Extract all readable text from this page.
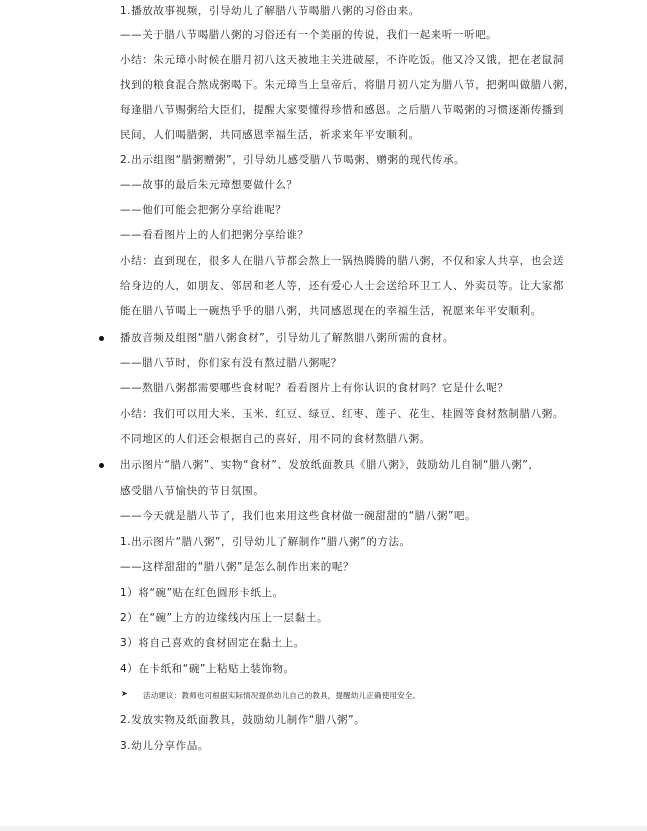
1.播放故事视频，引导幼儿了解腊八节喝腊八粥的习俗由来。
——关于腊八节喝腊八粥的习俗还有一个美丽的传说，我们一起来听一听吧。
小结：朱元璋小时候在腊月初八这天被地主关进破屋，不许吃饭。他又冷又饿，把在老鼠洞
找到的粮食混合熬成粥喝下。朱元璋当上皇帝后，将腊月初八定为腊八节，把粥叫做腊八粥，
每逢腊八节赐粥给大臣们，提醒大家要懂得珍惜和感恩。之后腊八节喝粥的习惯逐渐传播到
民间，人们喝腊粥，共同感恩幸福生活，祈求来年平安顺利。
2.出示组图“腊粥赠粥”，引导幼儿感受腊八节喝粥、赠粥的现代传承。
——故事的最后朱元璋想要做什么？
——他们可能会把粥分享给谁呢？
——看看图片上的人们把粥分享给谁？
小结：直到现在，很多人在腊八节都会熬上一锅热腾腾的腊八粥，不仅和家人共享，也会送
给身边的人，如朋友、邻居和老人等，还有爱心人士会送给环卫工人、外卖员等。让大家都
能在腊八节喝上一碗热乎乎的腊八粥，共同感恩现在的幸福生活，祝愿来年平安顺利。
播放音频及组图“腊八粥食材”，引导幼儿了解熬腊八粥所需的食材。
——腊八节时，你们家有没有熬过腊八粥呢？
——熬腊八粥都需要哪些食材呢？看看图片上有你认识的食材吗？它是什么呢？
小结：我们可以用大米、玉米、红豆、绿豆、红枣、莲子、花生、桂圆等食材熬制腊八粥。
不同地区的人们还会根据自己的喜好，用不同的食材熬腊八粥。
出示图片“腊八粥”、实物“食材”、发放纸面教具《腊八粥》，鼓励幼儿自制“腊八粥”，
感受腊八节愉快的节日氛围。
——今天就是腊八节了，我们也来用这些食材做一碗甜甜的“腊八粥”吧。
1.出示图片“腊八粥”，引导幼儿了解制作“腊八粥”的方法。
——这样甜甜的“腊八粥”是怎么制作出来的呢？
1）将“碗”贴在红色圆形卡纸上。
2）在“碗”上方的边缘线内压上一层黏土。
3）将自己喜欢的食材固定在黏土上。
4）在卡纸和“碗”上粘贴上装饰物。
➤ 活动建议：教师也可根据实际情况提供幼儿自己的教具，提醒幼儿正确使用安全。
2.发放实物及纸面教具，鼓励幼儿制作“腊八粥”。
3.幼儿分享作品。
